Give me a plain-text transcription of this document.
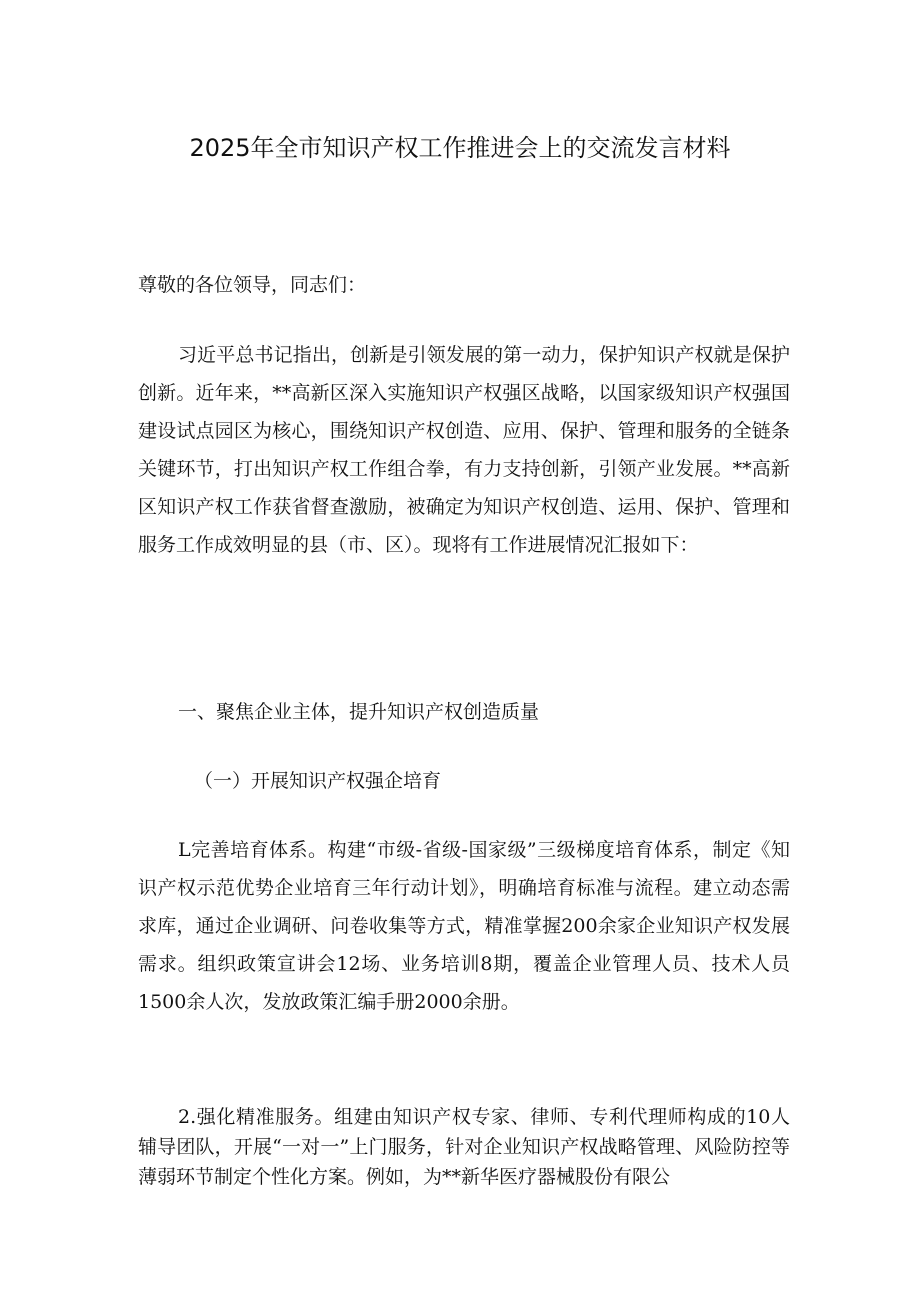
2025年全市知识产权工作推进会上的交流发言材料

尊敬的各位领导，同志们：

习近平总书记指出，创新是引领发展的第一动力，保护知识产权就是保护创新。近年来，**高新区深入实施知识产权强区战略，以国家级知识产权强国建设试点园区为核心，围绕知识产权创造、应用、保护、管理和服务的全链条关键环节，打出知识产权工作组合拳，有力支持创新，引领产业发展。**高新区知识产权工作获省督查激励，被确定为知识产权创造、运用、保护、管理和服务工作成效明显的县（市、区）。现将有工作进展情况汇报如下：

一、聚焦企业主体，提升知识产权创造质量

（一）开展知识产权强企培育

L完善培育体系。构建“市级-省级-国家级”三级梯度培育体系，制定《知识产权示范优势企业培育三年行动计划》，明确培育标准与流程。建立动态需求库，通过企业调研、问卷收集等方式，精准掌握200余家企业知识产权发展需求。组织政策宣讲会12场、业务培训8期，覆盖企业管理人员、技术人员1500余人次，发放政策汇编手册2000余册。

2.强化精准服务。组建由知识产权专家、律师、专利代理师构成的10人辅导团队，开展“一对一”上门服务，针对企业知识产权战略管理、风险防控等薄弱环节制定个性化方案。例如，为**新华医疗器械股份有限公
